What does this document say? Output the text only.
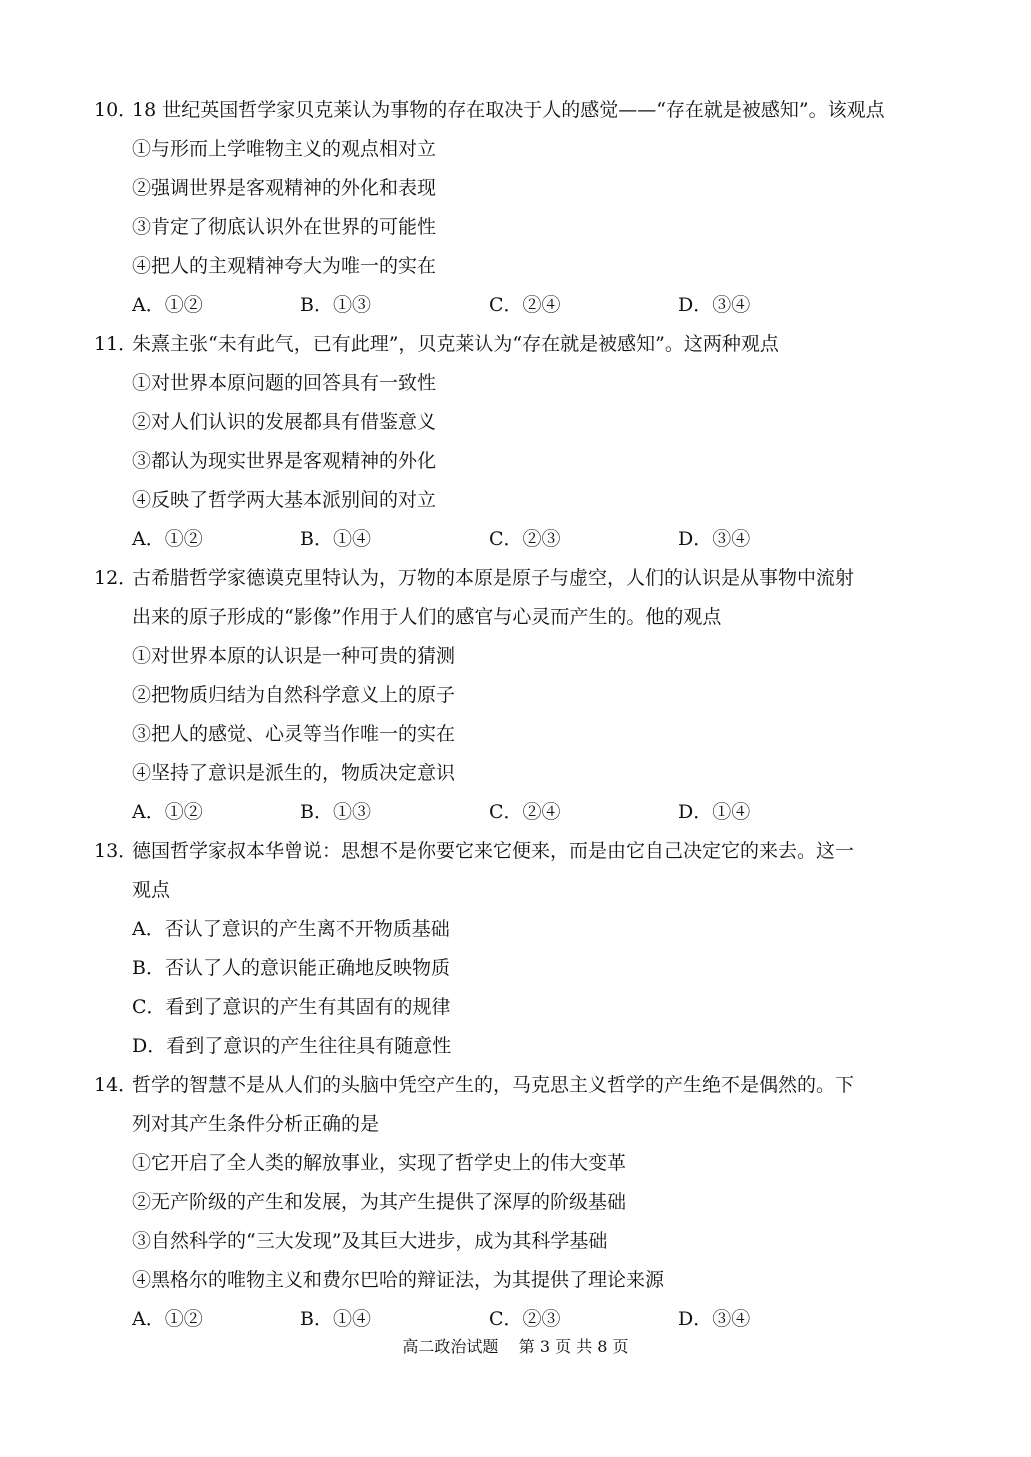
10．
18 世纪英国哲学家贝克莱认为事物的存在取决于人的感觉——“存在就是被感知”。该观点
①与形而上学唯物主义的观点相对立
②强调世界是客观精神的外化和表现
③肯定了彻底认识外在世界的可能性
④把人的主观精神夸大为唯一的实在
A．①②	B．①③	C．②④	D．③④
11．
朱熹主张“未有此气，已有此理”，贝克莱认为“存在就是被感知”。这两种观点
①对世界本原问题的回答具有一致性
②对人们认识的发展都具有借鉴意义
③都认为现实世界是客观精神的外化
④反映了哲学两大基本派别间的对立
A．①②	B．①④	C．②③	D．③④
12．
古希腊哲学家德谟克里特认为，万物的本原是原子与虚空，人们的认识是从事物中流射
出来的原子形成的“影像”作用于人们的感官与心灵而产生的。他的观点
①对世界本原的认识是一种可贵的猜测
②把物质归结为自然科学意义上的原子
③把人的感觉、心灵等当作唯一的实在
④坚持了意识是派生的，物质决定意识
A．①②	B．①③	C．②④	D．①④
13．
德国哲学家叔本华曾说：思想不是你要它来它便来，而是由它自己决定它的来去。这一
观点
A．否认了意识的产生离不开物质基础
B．否认了人的意识能正确地反映物质
C．看到了意识的产生有其固有的规律
D．看到了意识的产生往往具有随意性
14．
哲学的智慧不是从人们的头脑中凭空产生的，马克思主义哲学的产生绝不是偶然的。下
列对其产生条件分析正确的是
①它开启了全人类的解放事业，实现了哲学史上的伟大变革
②无产阶级的产生和发展，为其产生提供了深厚的阶级基础
③自然科学的“三大发现”及其巨大进步，成为其科学基础
④黑格尔的唯物主义和费尔巴哈的辩证法，为其提供了理论来源
A．①②	B．①④	C．②③	D．③④
高二政治试题    第 3 页 共 8 页
